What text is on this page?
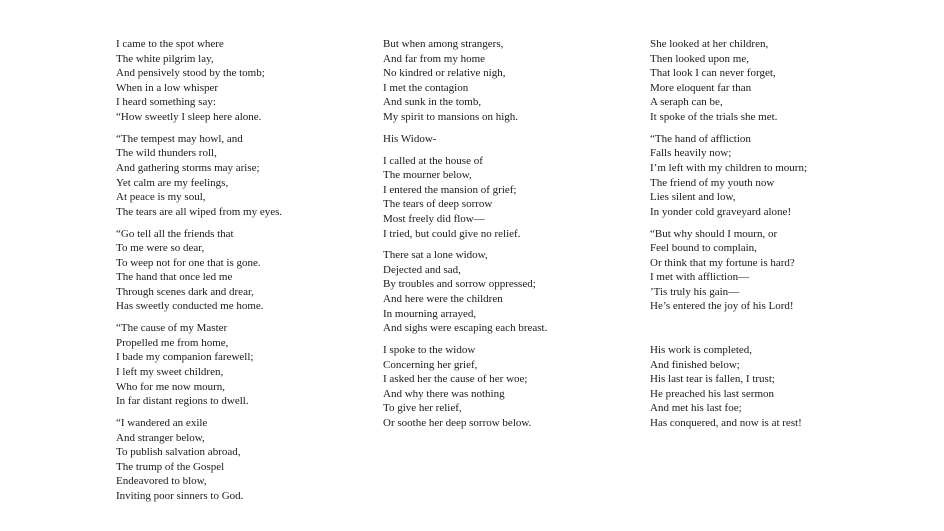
I came to the spot where
The white pilgrim lay,
And pensively stood by the tomb;
When in a low whisper
I heard something say:
“How sweetly I sleep here alone.
“The tempest may howl, and
The wild thunders roll,
And gathering storms may arise;
Yet calm are my feelings,
At peace is my soul,
The tears are all wiped from my eyes.
“Go tell all the friends that
To me were so dear,
To weep not for one that is gone.
The hand that once led me
Through scenes dark and drear,
Has sweetly conducted me home.
“The cause of my Master
Propelled me from home,
I bade my companion farewell;
I left my sweet children,
Who for me now mourn,
In far distant regions to dwell.
“I wandered an exile
And stranger below,
To publish salvation abroad,
The trump of the Gospel
Endeavored to blow,
Inviting poor sinners to God.
But when among strangers,
And far from my home
No kindred or relative nigh,
I met the contagion
And sunk in the tomb,
My spirit to mansions on high.
His Widow-
I called at the house of
The mourner below,
I entered the mansion of grief;
The tears of deep sorrow
Most freely did flow—
I tried, but could give no relief.
There sat a lone widow,
Dejected and sad,
By troubles and sorrow oppressed;
And here were the children
In mourning arrayed,
And sighs were escaping each breast.
I spoke to the widow
Concerning her grief,
I asked her the cause of her woe;
And why there was nothing
To give her relief,
Or soothe her deep sorrow below.
She looked at her children,
Then looked upon me,
That look I can never forget,
More eloquent far than
A seraph can be,
It spoke of the trials she met.
“The hand of affliction
Falls heavily now;
I’m left with my children to mourn;
The friend of my youth now
Lies silent and low,
In yonder cold graveyard alone!
“But why should I mourn, or
Feel bound to complain,
Or think that my fortune is hard?
I met with affliction—
’Tis truly his gain—
He’s entered the joy of his Lord!

His work is completed,
And finished below;
His last tear is fallen, I trust;
He preached his last sermon
And met his last foe;
Has conquered, and now is at rest!
